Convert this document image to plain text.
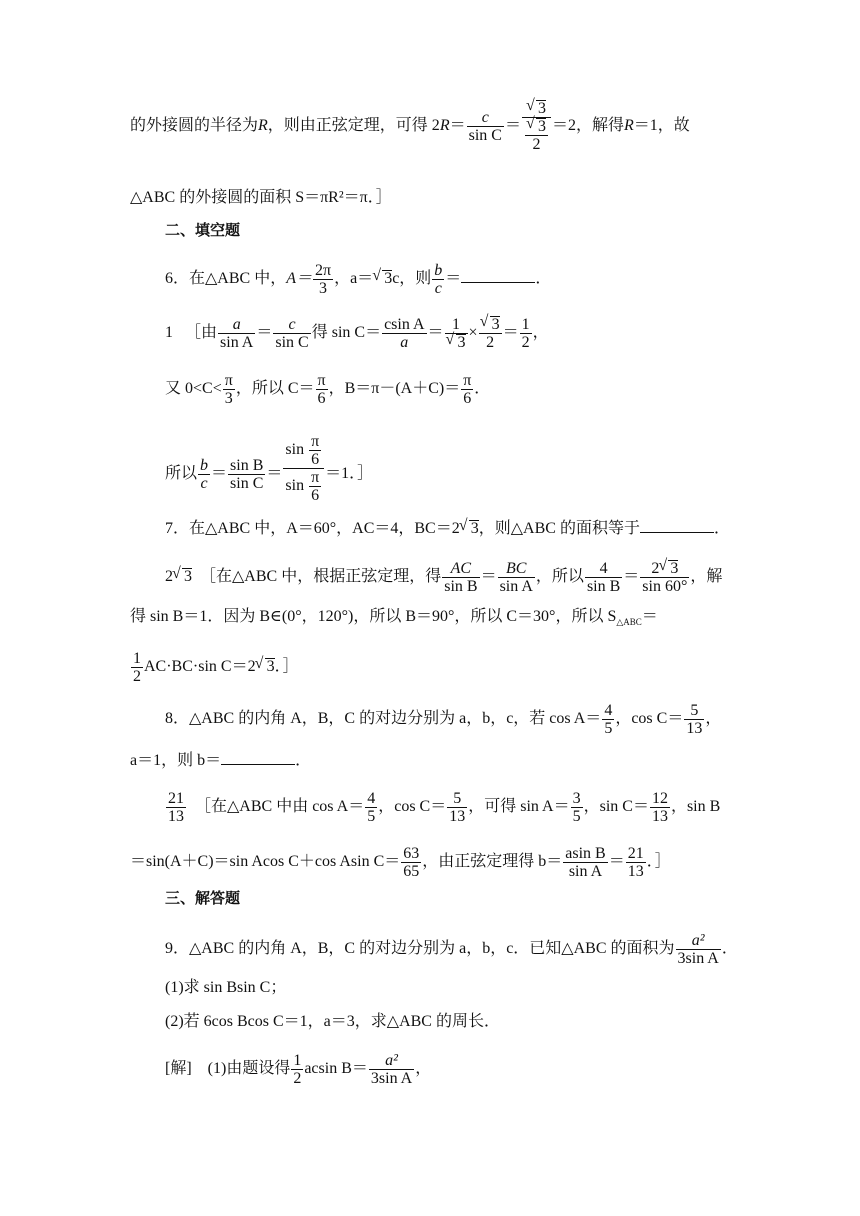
的外接圆的半径为R，则由正弦定理，可得 $2R= \frac{c}{\text{sin C}}$ ＝ √ 3
√ $\frac{3}{2} =2$，解得R＝1，故
△ABC 的外接圆的面积 S＝πR²＝π．］
二、填空题
6．在△ABC 中，$A= \frac{2\pi}{3}$ ，a＝ √ 3c，则 $\frac{b}{c}$ ＝	．
1 ［由 $\frac{a}{\text{sin A}} = \frac{c}{\text{sin C}}$ 得 $\sin C= \frac{\text{csin A}}{a} = 1$
√ 3 × √ $\frac{3}{2} = \frac{1}{2}$ ，
又 $0<C< \frac{\pi}{3}$ ，所以 $C= \frac{\pi}{6}$ ，$B=\pi-(A+C)= \frac{\pi}{6}$ ．
所以 $\frac{b}{c} = \frac{\text{sin B}}{\text{sin C}} = \frac{\sin \frac{\pi}{6}}{\sin \frac{\pi}{6}} =1$．］
7．在△ABC 中，A＝60°，AC＝4，BC＝2 √ 3，则△ABC 的面积等于	．
2 √ 3 ［在△ABC 中，根据正弦定理，得 $\frac{AC}{\text{sin B}} = \frac{BC}{\text{sin A}}$ ，所以 $\frac{4}{\text{sin B}} = \frac{2 √ 3}{\sin 60^\circ}$ ，解
得 sin B＝1．因为 B∈(0°，120°)，所以 B＝90°，所以 C＝30°，所以 $S_{\triangle ABC}=$
$\frac{1}{2} AC\cdot BC\cdot\sin$ C＝2 √ 3．］
8．△ABC 的内角 A，B，C 的对边分别为 a，b，c，若 $\cos A= \frac{4}{5}$ ，$\cos C= \frac{5}{13}$ ，
a＝1，则 b＝	．
$\frac{21}{13}$ ［在△ABC 中由 $\cos A= \frac{4}{5}$ ，$\cos C= \frac{5}{13}$ ，可得 $\sin A= \frac{3}{5}$ ，$\sin C= \frac{12}{13}$ ，sin B
＝sin(A＋C)＝sin Acos C＋cos Asin $C= \frac{63}{65}$ ，由正弦定理得 $b= \frac{\text{asin B}}{\text{sin A}} = \frac{21}{13}$ ．］
三、解答题
9．△ABC 的内角 A，B，C 的对边分别为 a，b，c．已知△ABC 的面积为 $\frac{\text{a²}}{\text{3sin A}}$ ．
(1)求 sin Bsin C；
(2)若 6cos Bcos C＝1，a＝3，求△ABC 的周长．
[解]　(1)由题设得 $\frac{1}{2}$ acsin $B= \frac{\text{a²}}{\text{3sin A}}$ ，
